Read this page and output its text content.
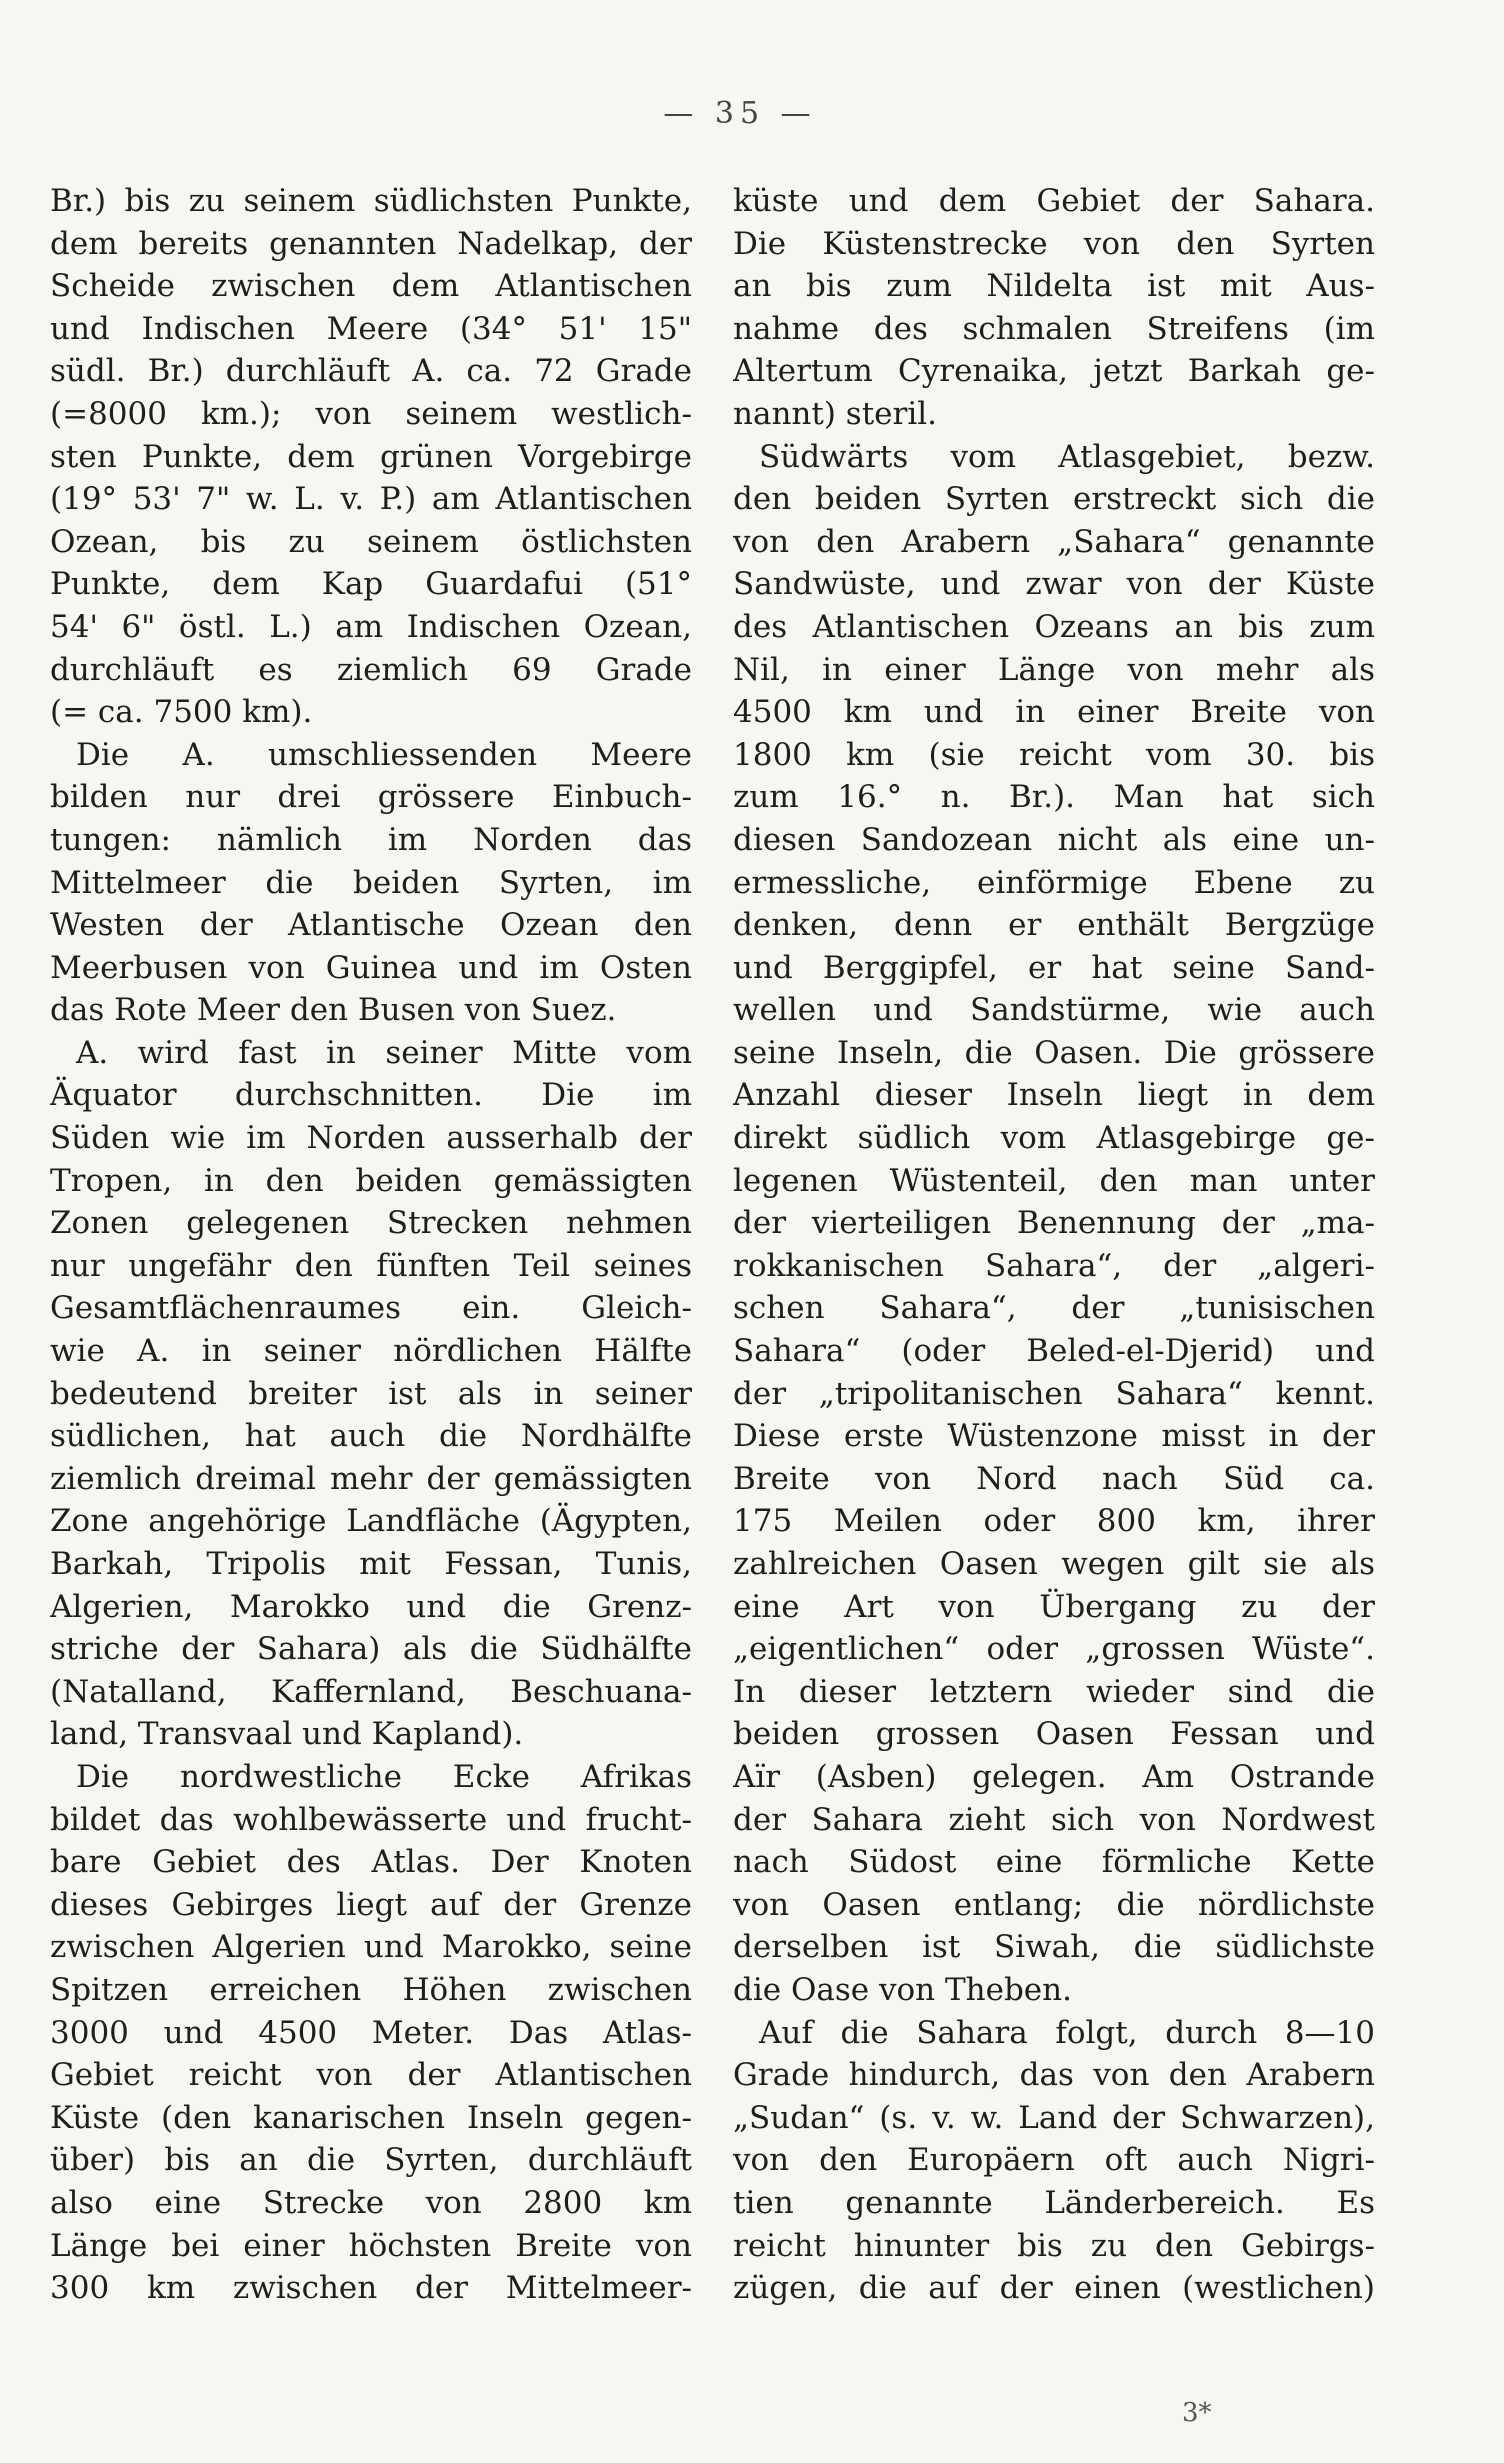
— 35 —
Br.) bis zu seinem südlichsten Punkte,
dem bereits genannten Nadelkap, der
Scheide zwischen dem Atlantischen
und Indischen Meere (34° 51' 15"
südl. Br.) durchläuft A. ca. 72 Grade
(=8000 km.); von seinem westlich-
sten Punkte, dem grünen Vorgebirge
(19° 53' 7" w. L. v. P.) am Atlantischen
Ozean, bis zu seinem östlichsten
Punkte, dem Kap Guardafui (51°
54' 6" östl. L.) am Indischen Ozean,
durchläuft es ziemlich 69 Grade
(= ca. 7500 km).
Die A. umschliessenden Meere
bilden nur drei grössere Einbuch-
tungen: nämlich im Norden das
Mittelmeer die beiden Syrten, im
Westen der Atlantische Ozean den
Meerbusen von Guinea und im Osten
das Rote Meer den Busen von Suez.
A. wird fast in seiner Mitte vom
Äquator durchschnitten. Die im
Süden wie im Norden ausserhalb der
Tropen, in den beiden gemässigten
Zonen gelegenen Strecken nehmen
nur ungefähr den fünften Teil seines
Gesamtflächenraumes ein. Gleich-
wie A. in seiner nördlichen Hälfte
bedeutend breiter ist als in seiner
südlichen, hat auch die Nordhälfte
ziemlich dreimal mehr der gemässigten
Zone angehörige Landfläche (Ägypten,
Barkah, Tripolis mit Fessan, Tunis,
Algerien, Marokko und die Grenz-
striche der Sahara) als die Südhälfte
(Natalland, Kaffernland, Beschuana-
land, Transvaal und Kapland).
Die nordwestliche Ecke Afrikas
bildet das wohlbewässerte und frucht-
bare Gebiet des Atlas. Der Knoten
dieses Gebirges liegt auf der Grenze
zwischen Algerien und Marokko, seine
Spitzen erreichen Höhen zwischen
3000 und 4500 Meter. Das Atlas-
Gebiet reicht von der Atlantischen
Küste (den kanarischen Inseln gegen-
über) bis an die Syrten, durchläuft
also eine Strecke von 2800 km
Länge bei einer höchsten Breite von
300 km zwischen der Mittelmeer-
küste und dem Gebiet der Sahara.
Die Küstenstrecke von den Syrten
an bis zum Nildelta ist mit Aus-
nahme des schmalen Streifens (im
Altertum Cyrenaika, jetzt Barkah ge-
nannt) steril.
Südwärts vom Atlasgebiet, bezw.
den beiden Syrten erstreckt sich die
von den Arabern „Sahara“ genannte
Sandwüste, und zwar von der Küste
des Atlantischen Ozeans an bis zum
Nil, in einer Länge von mehr als
4500 km und in einer Breite von
1800 km (sie reicht vom 30. bis
zum 16.° n. Br.). Man hat sich
diesen Sandozean nicht als eine un-
ermessliche, einförmige Ebene zu
denken, denn er enthält Bergzüge
und Berggipfel, er hat seine Sand-
wellen und Sandstürme, wie auch
seine Inseln, die Oasen. Die grössere
Anzahl dieser Inseln liegt in dem
direkt südlich vom Atlasgebirge ge-
legenen Wüstenteil, den man unter
der vierteiligen Benennung der „ma-
rokkanischen Sahara“, der „algeri-
schen Sahara“, der „tunisischen
Sahara“ (oder Beled-el-Djerid) und
der „tripolitanischen Sahara“ kennt.
Diese erste Wüstenzone misst in der
Breite von Nord nach Süd ca.
175 Meilen oder 800 km, ihrer
zahlreichen Oasen wegen gilt sie als
eine Art von Übergang zu der
„eigentlichen“ oder „grossen Wüste“.
In dieser letztern wieder sind die
beiden grossen Oasen Fessan und
Aïr (Asben) gelegen. Am Ostrande
der Sahara zieht sich von Nordwest
nach Südost eine förmliche Kette
von Oasen entlang; die nördlichste
derselben ist Siwah, die südlichste
die Oase von Theben.
Auf die Sahara folgt, durch 8—10
Grade hindurch, das von den Arabern
„Sudan“ (s. v. w. Land der Schwarzen),
von den Europäern oft auch Nigri-
tien genannte Länderbereich. Es
reicht hinunter bis zu den Gebirgs-
zügen, die auf der einen (westlichen)
3*
